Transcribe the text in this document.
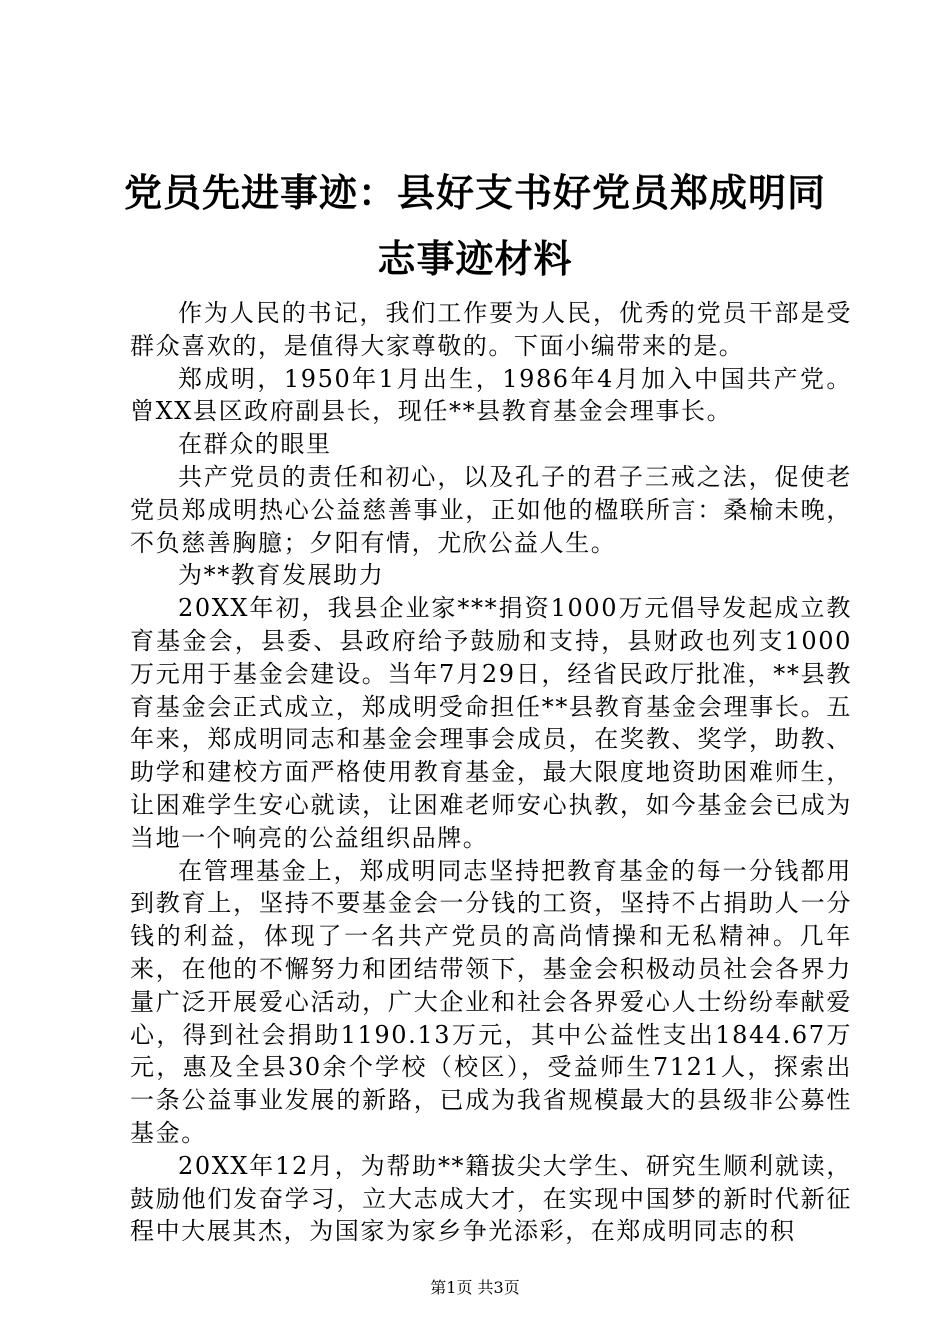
党员先进事迹：县好支书好党员郑成明同志事迹材料

作为人民的书记，我们工作要为人民，优秀的党员干部是受群众喜欢的，是值得大家尊敬的。下面小编带来的是。

郑成明，1950年1月出生，1986年4月加入中国共产党。曾XX县区政府副县长，现任**县教育基金会理事长。

在群众的眼里

共产党员的责任和初心，以及孔子的君子三戒之法，促使老党员郑成明热心公益慈善事业，正如他的楹联所言：桑榆未晚，不负慈善胸臆；夕阳有情，尤欣公益人生。

为**教育发展助力

20XX年初，我县企业家***捐资1000万元倡导发起成立教育基金会，县委、县政府给予鼓励和支持，县财政也列支1000万元用于基金会建设。当年7月29日，经省民政厅批准，**县教育基金会正式成立，郑成明受命担任**县教育基金会理事长。五年来，郑成明同志和基金会理事会成员，在奖教、奖学，助教、助学和建校方面严格使用教育基金，最大限度地资助困难师生，让困难学生安心就读，让困难老师安心执教，如今基金会已成为当地一个响亮的公益组织品牌。

在管理基金上，郑成明同志坚持把教育基金的每一分钱都用到教育上，坚持不要基金会一分钱的工资，坚持不占捐助人一分钱的利益，体现了一名共产党员的高尚情操和无私精神。几年来，在他的不懈努力和团结带领下，基金会积极动员社会各界力量广泛开展爱心活动，广大企业和社会各界爱心人士纷纷奉献爱心，得到社会捐助1190.13万元，其中公益性支出1844.67万元，惠及全县30余个学校（校区），受益师生7121人，探索出一条公益事业发展的新路，已成为我省规模最大的县级非公募性基金。

20XX年12月，为帮助**籍拔尖大学生、研究生顺利就读，鼓励他们发奋学习，立大志成大才，在实现中国梦的新时代新征程中大展其杰，为国家为家乡争光添彩，在郑成明同志的积

第1页 共3页
